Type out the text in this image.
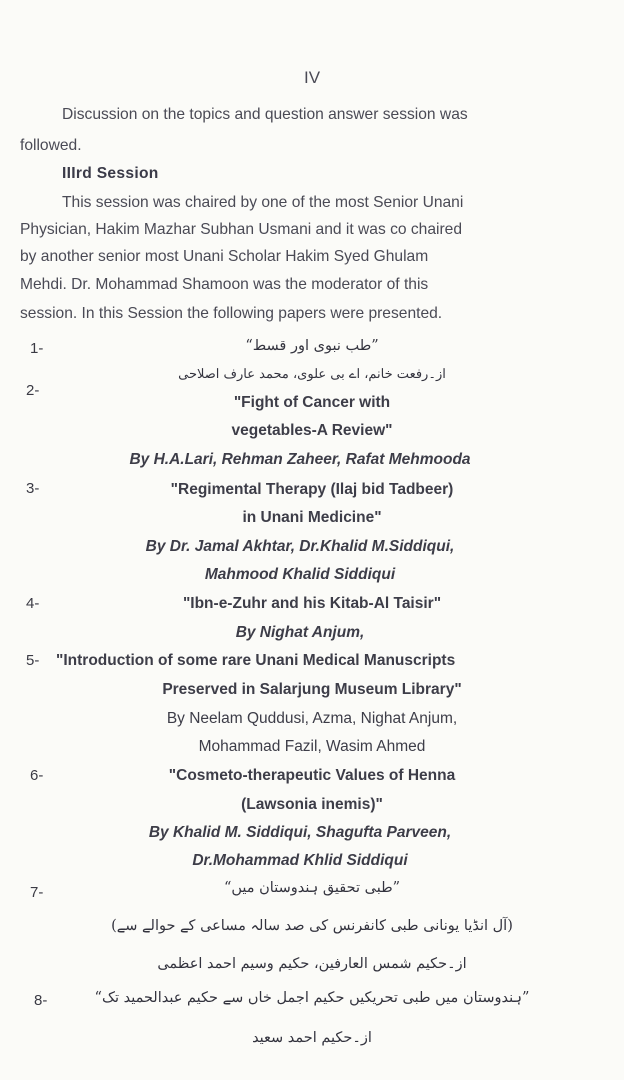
IV
Discussion on the topics and question answer session was
followed.
IIIrd Session
This session was chaired by one of the most Senior Unani
Physician, Hakim Mazhar Subhan Usmani and it was co chaired
by another senior most Unani Scholar Hakim Syed Ghulam
Mehdi. Dr. Mohammad Shamoon was the moderator of this
session. In this Session the following papers were presented.
1-	”طب نبوی اور قسط“
از۔رفعت خانم، اے بی علوی، محمد عارف اصلاحی
2-
"Fight of Cancer with
vegetables-A Review"
By H.A.Lari, Rehman Zaheer, Rafat Mehmooda
3-	"Regimental Therapy (Ilaj bid Tadbeer)
in Unani Medicine"
By Dr. Jamal Akhtar, Dr.Khalid M.Siddiqui,
Mahmood Khalid Siddiqui
4-	"Ibn-e-Zuhr and his Kitab-Al Taisir"
By Nighat Anjum,
5- "Introduction of some rare Unani Medical Manuscripts
Preserved in Salarjung Museum Library"
By Neelam Quddusi, Azma, Nighat Anjum,
Mohammad Fazil, Wasim Ahmed
6-	"Cosmeto-therapeutic Values of Henna
(Lawsonia inemis)"
By Khalid M. Siddiqui, Shagufta Parveen,
Dr.Mohammad Khlid Siddiqui
7-	”طبی تحقیق ہندوستان میں“
(آل انڈیا یونانی طبی کانفرنس کی صد سالہ مساعی کے حوالے سے)
از۔حکیم شمس العارفین، حکیم وسیم احمد اعظمی
8-	”ہندوستان میں طبی تحریکیں حکیم اجمل خاں سے حکیم عبدالحمید تک“
از۔حکیم احمد سعید
